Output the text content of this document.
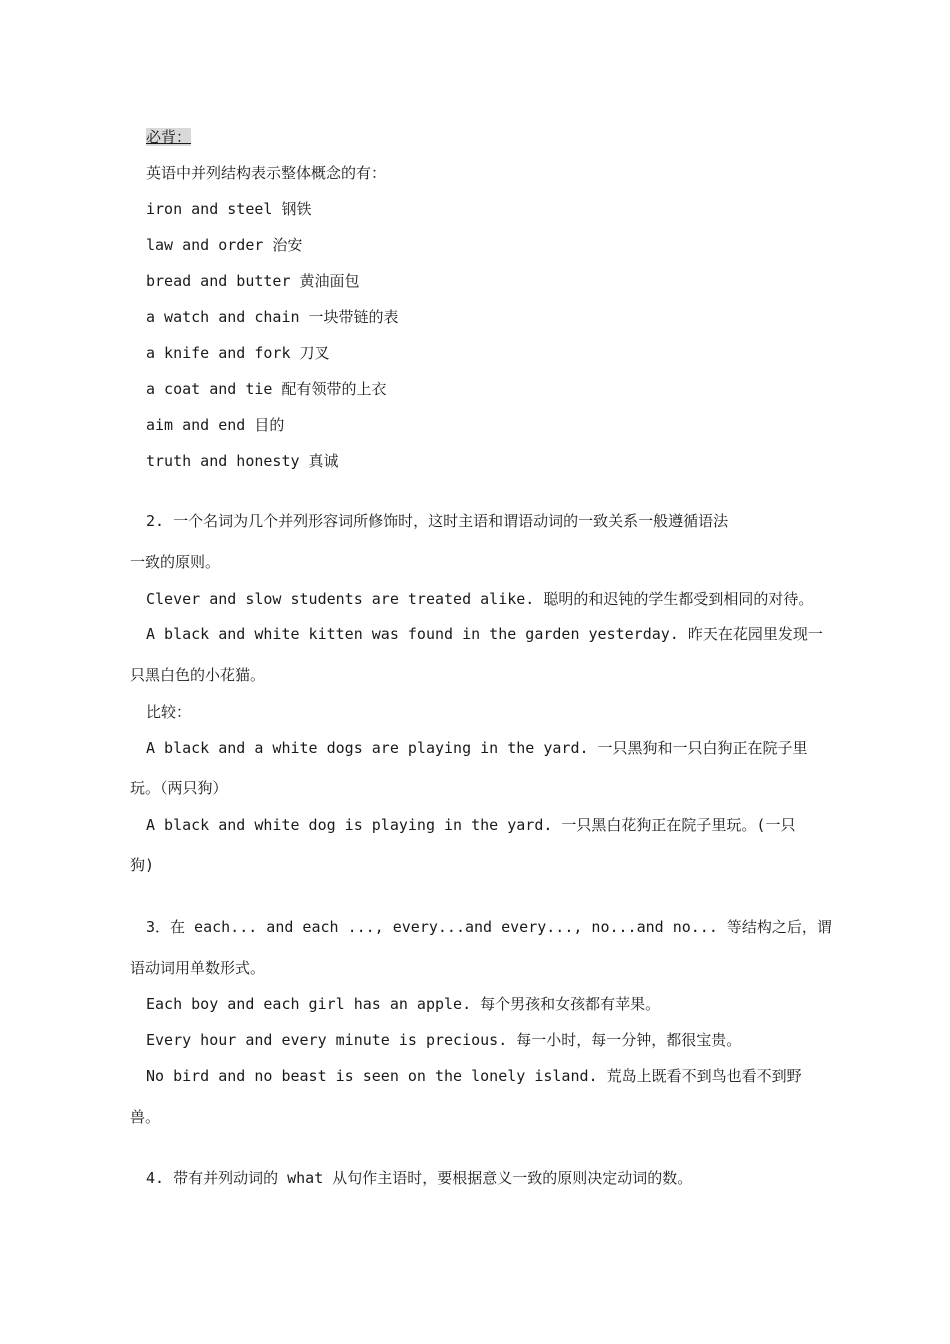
必背：
英语中并列结构表示整体概念的有：
iron and steel 钢铁
law and order 治安
bread and butter 黄油面包
a watch and chain 一块带链的表
a knife and fork 刀叉
a coat and tie 配有领带的上衣
aim and end 目的
truth and honesty 真诚
2. 一个名词为几个并列形容词所修饰时，这时主语和谓语动词的一致关系一般遵循语法
一致的原则。
Clever and slow students are treated alike. 聪明的和迟钝的学生都受到相同的对待。
A black and white kitten was found in the garden yesterday. 昨天在花园里发现一
只黑白色的小花猫。
比较：
A black and a white dogs are playing in the yard. 一只黑狗和一只白狗正在院子里
玩。（两只狗）
A black and white dog is playing in the yard. 一只黑白花狗正在院子里玩。(一只
狗)
3．在 each... and each ..., every...and every..., no...and no... 等结构之后，谓
语动词用单数形式。
Each boy and each girl has an apple. 每个男孩和女孩都有苹果。
Every hour and every minute is precious. 每一小时，每一分钟，都很宝贵。
No bird and no beast is seen on the lonely island. 荒岛上既看不到鸟也看不到野
兽。
4. 带有并列动词的 what 从句作主语时，要根据意义一致的原则决定动词的数。
